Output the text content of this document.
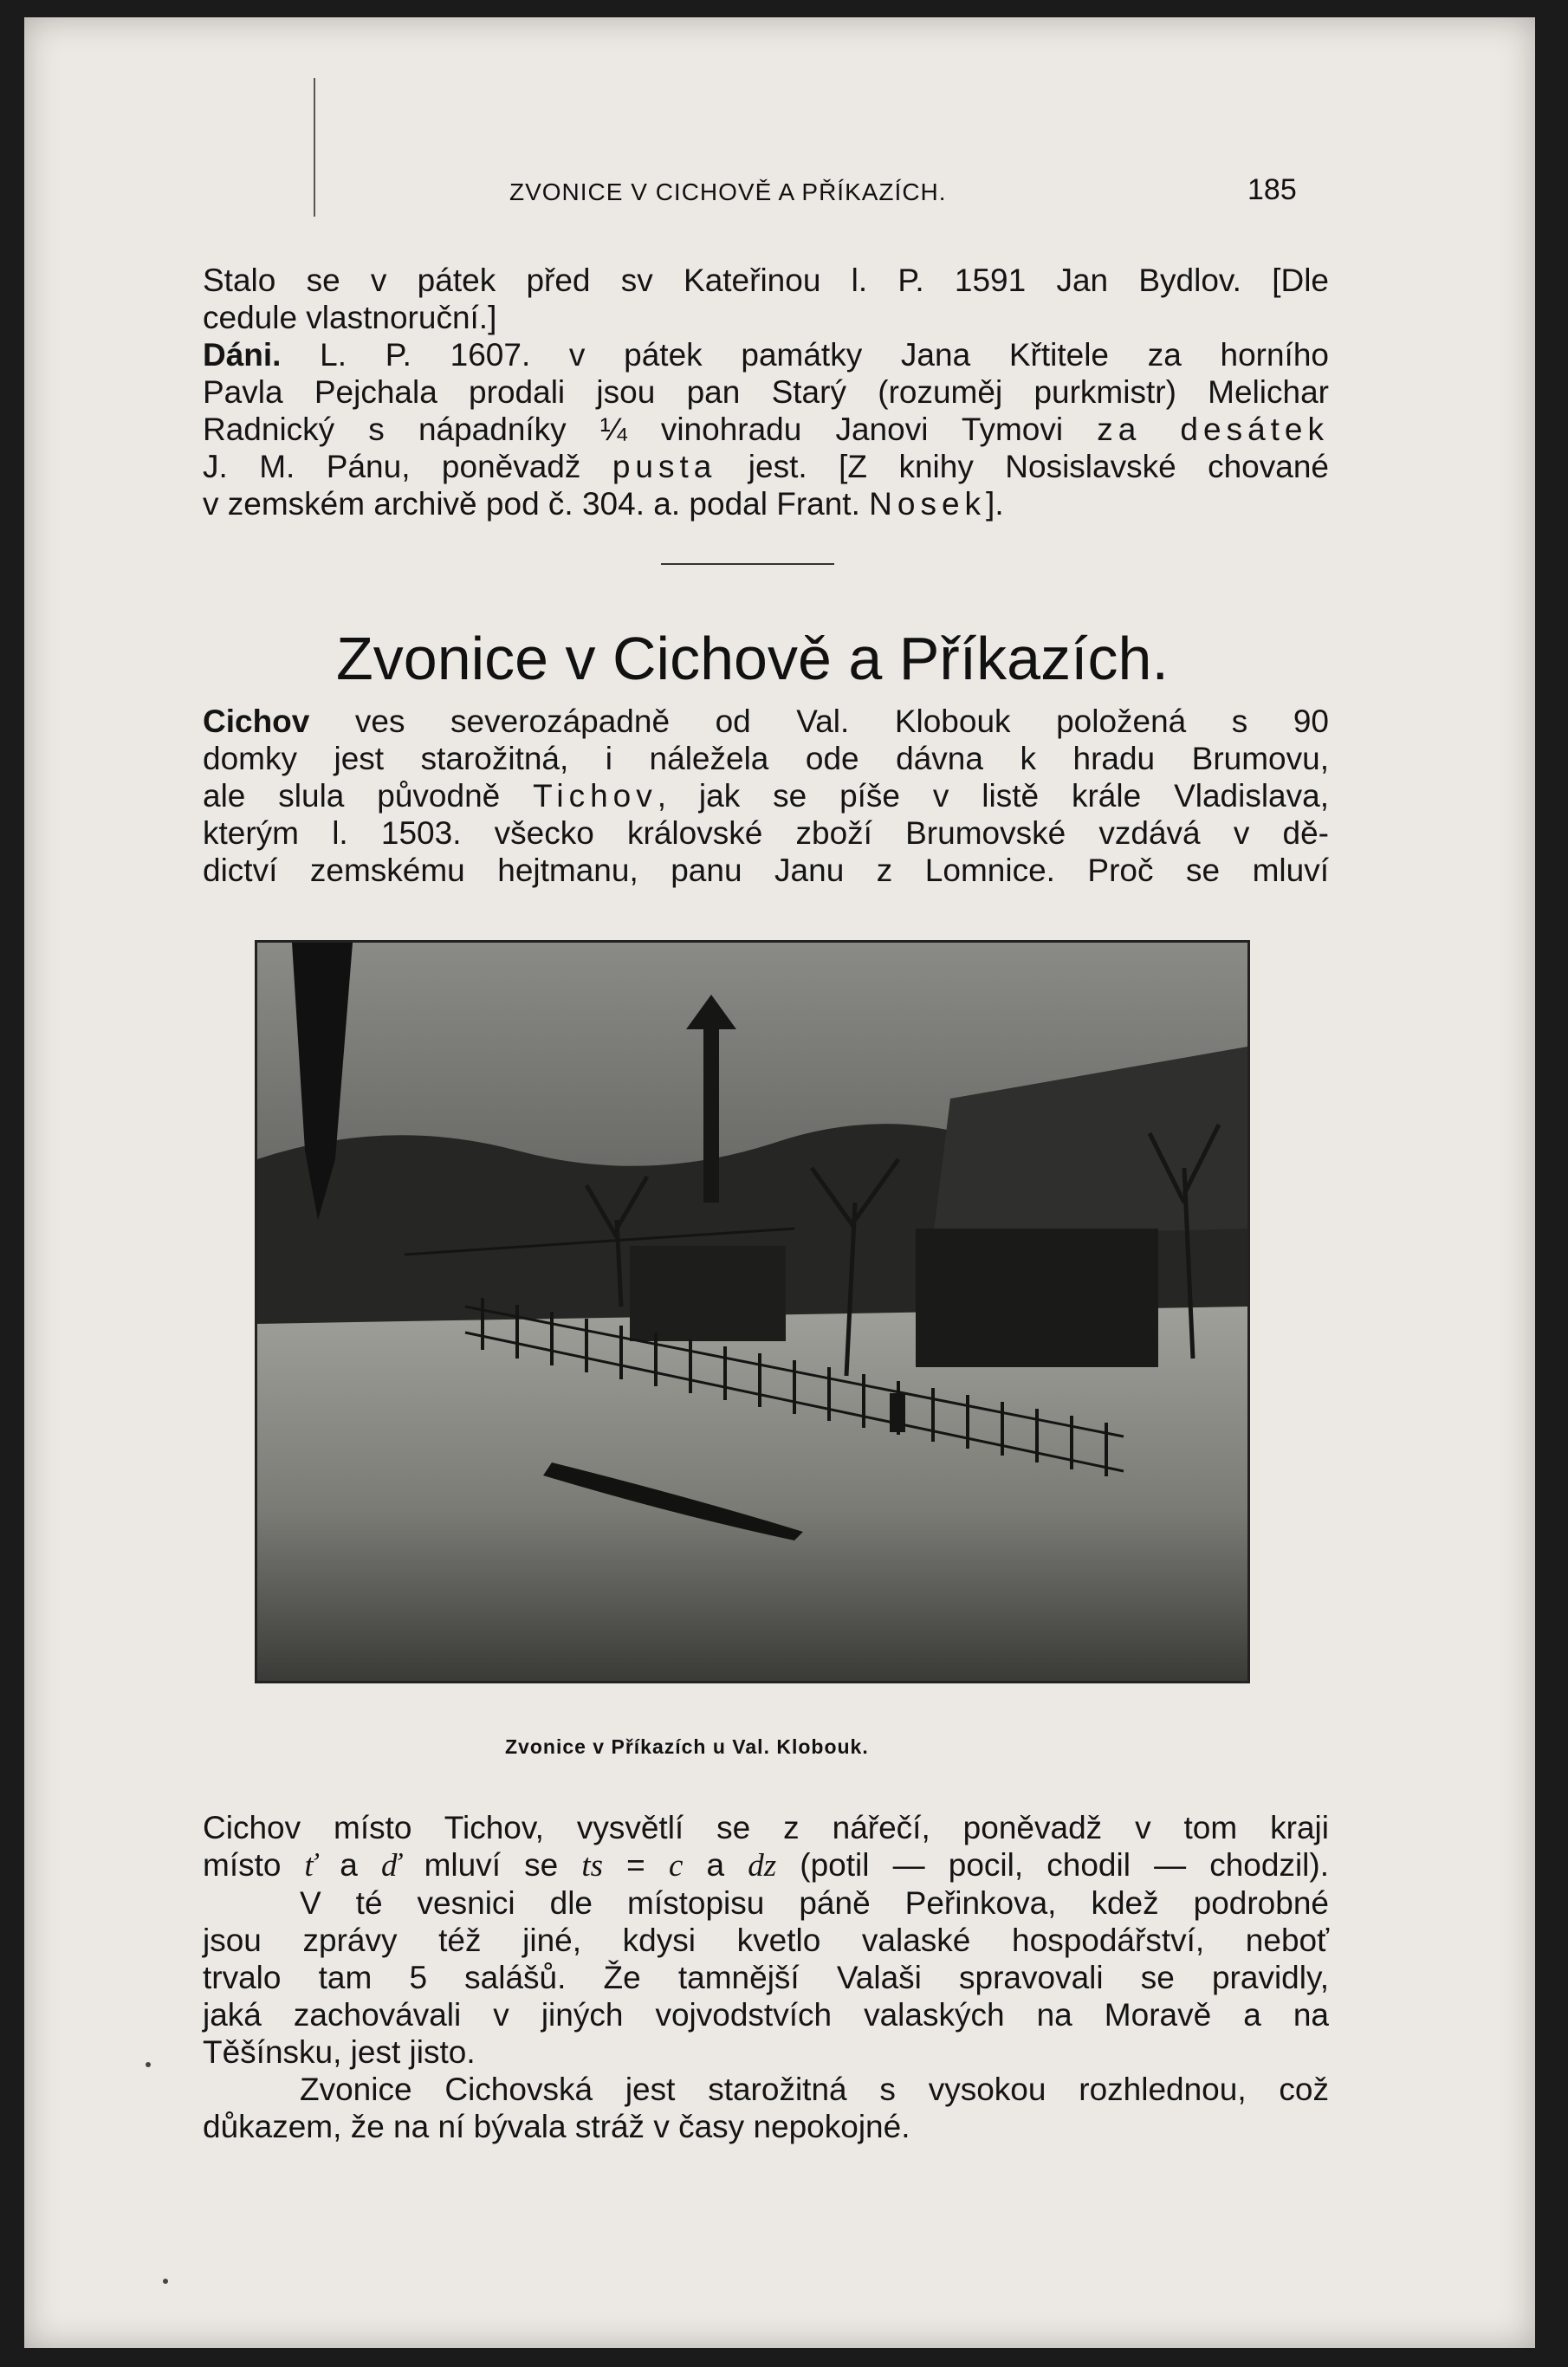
ZVONICE V CICHOVĚ A PŘÍKAZÍCH.	185

Stalo se v pátek před sv Kateřinou l. P. 1591 Jan Bydlov. [Dle

cedule vlastnoruční.]

Dáni. L. P. 1607. v pátek památky Jana Křtitele za horního

Pavla Pejchala prodali jsou pan Starý (rozuměj purkmistr) Melichar

Radnický s nápadníky ¼ vinohradu Janovi Tymovi za desátek

J. M. Pánu, poněvadž pusta jest. [Z knihy Nosislavské chované

v zemském archivě pod č. 304. a. podal Frant. Nosek].

Zvonice v Cichově a Příkazích.

Cichov ves severozápadně od Val. Klobouk položená s 90

domky jest starožitná, i náležela ode dávna k hradu Brumovu,

ale slula původně Tichov, jak se píše v listě krále Vladislava,

kterým l. 1503. všecko královské zboží Brumovské vzdává v dě-

dictví zemskému hejtmanu, panu Janu z Lomnice. Proč se mluví

Zvonice v Příkazích u Val. Klobouk.

Cichov místo Tichov, vysvětlí se z nářečí, poněvadž v tom kraji

místo ť a ď mluví se ts = c a dz (potil — pocil, chodil — chodzil).

V té vesnici dle místopisu páně Peřinkova, kdež podrobné

jsou zprávy též jiné, kdysi kvetlo valaské hospodářství, neboť

trvalo tam 5 salášů. Že tamnější Valaši spravovali se pravidly,

jaká zachovávali v jiných vojvodstvích valaských na Moravě a na

Těšínsku, jest jisto.

Zvonice Cichovská jest starožitná s vysokou rozhlednou, což

důkazem, že na ní bývala stráž v časy nepokojné.
